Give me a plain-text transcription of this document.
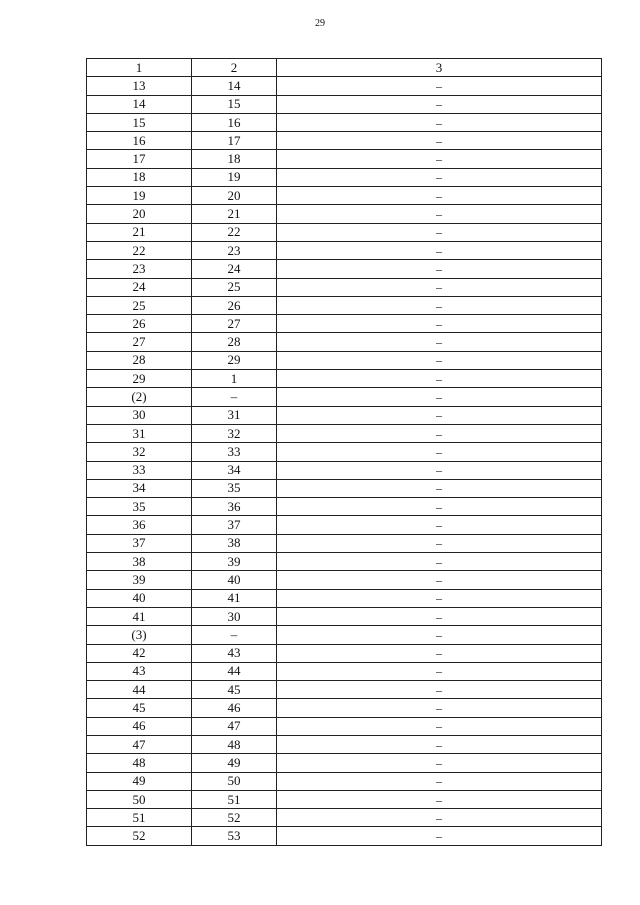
29
1	2	3
13	14	–
14	15	–
15	16	–
16	17	–
17	18	–
18	19	–
19	20	–
20	21	–
21	22	–
22	23	–
23	24	–
24	25	–
25	26	–
26	27	–
27	28	–
28	29	–
29	1	–
(2)	–	–
30	31	–
31	32	–
32	33	–
33	34	–
34	35	–
35	36	–
36	37	–
37	38	–
38	39	–
39	40	–
40	41	–
41	30	–
(3)	–	–
42	43	–
43	44	–
44	45	–
45	46	–
46	47	–
47	48	–
48	49	–
49	50	–
50	51	–
51	52	–
52	53	–
